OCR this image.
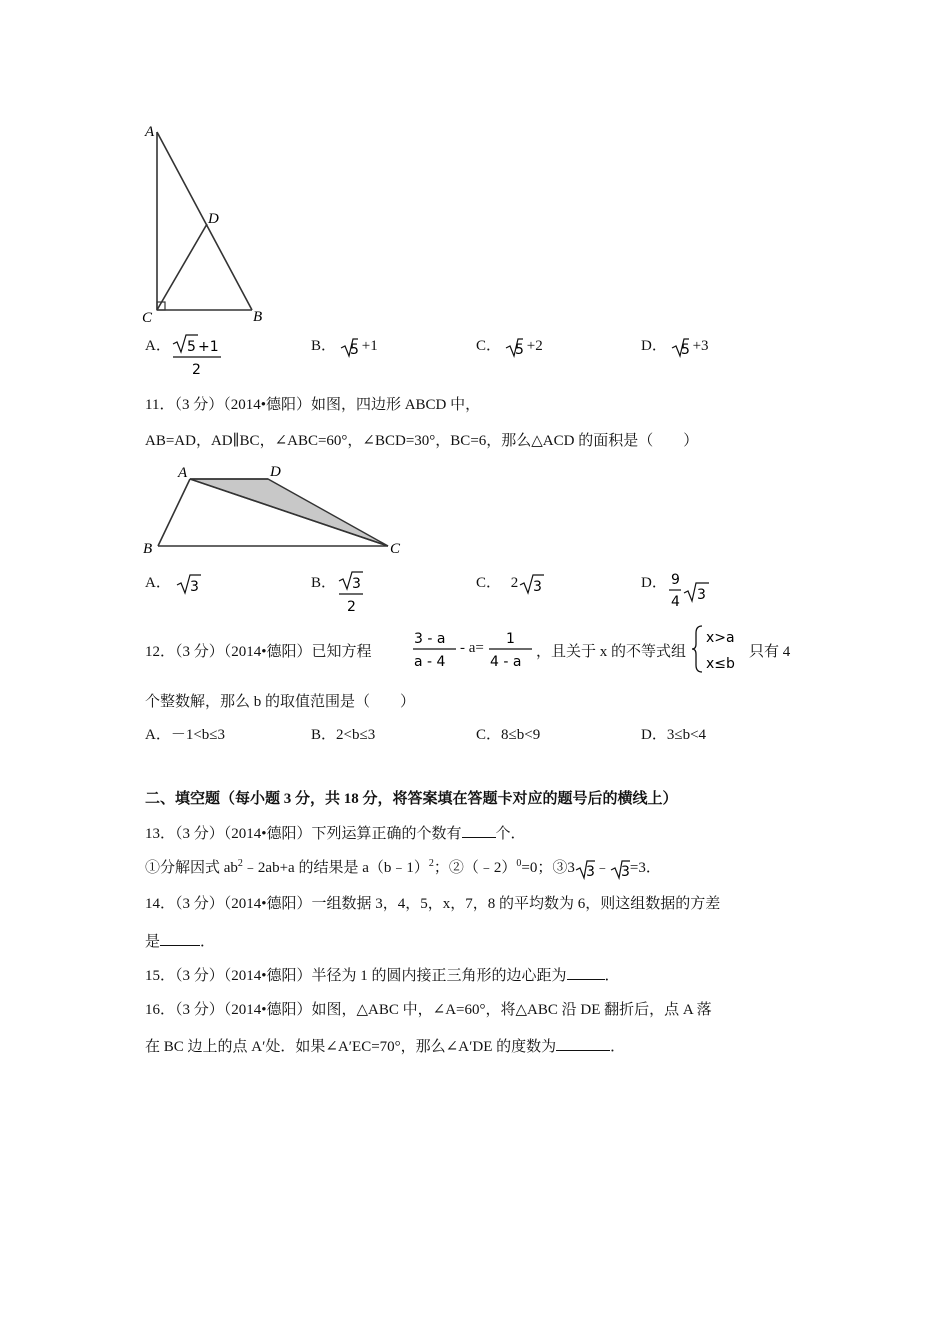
A
D
C	B
A． 5 +1
2
B． 5 +1	C． 5 +2	D． 5 +3
11．（3 分）（2014•德阳）如图，四边形 ABCD 中，
AB=AD，AD∥BC，∠ABC=60°，∠BCD=30°，BC=6，那么△ACD 的面积是（　　）
A	D
B	C
A． 3	B． 3
2
C． 2 3	D． 9
4 3
12．（3 分）（2014•德阳）已知方程
3 - a
a - 4
- a=
1
4 - a
，且关于 x 的不等式组
x>a
x≤b
只有 4
个整数解，那么 b 的取值范围是（　　）
A．－1<b≤3	B．2<b≤3	C．8≤b<9	D．3≤b<4
二、填空题（每小题 3 分，共 18 分，将答案填在答题卡对应的题号后的横线上）
13．（3 分）（2014•德阳）下列运算正确的个数有 个．
①分解因式 $ab^2﹣2ab+a$ 的结果是 a（b﹣1）$^2$；②（﹣2）$^0$=0；③3 3 ﹣ 3 =3．
14．（3 分）（2014•德阳）一组数据 3，4，5，x，7，8 的平均数为 6，则这组数据的方差
是	．
15．（3 分）（2014•德阳）半径为 1 的圆内接正三角形的边心距为	．
16．（3 分）（2014•德阳）如图，△ABC 中，∠A=60°，将△ABC 沿 DE 翻折后，点 A 落
在 BC 边上的点 A′处．如果∠A′EC=70°，那么∠A′DE 的度数为	．
